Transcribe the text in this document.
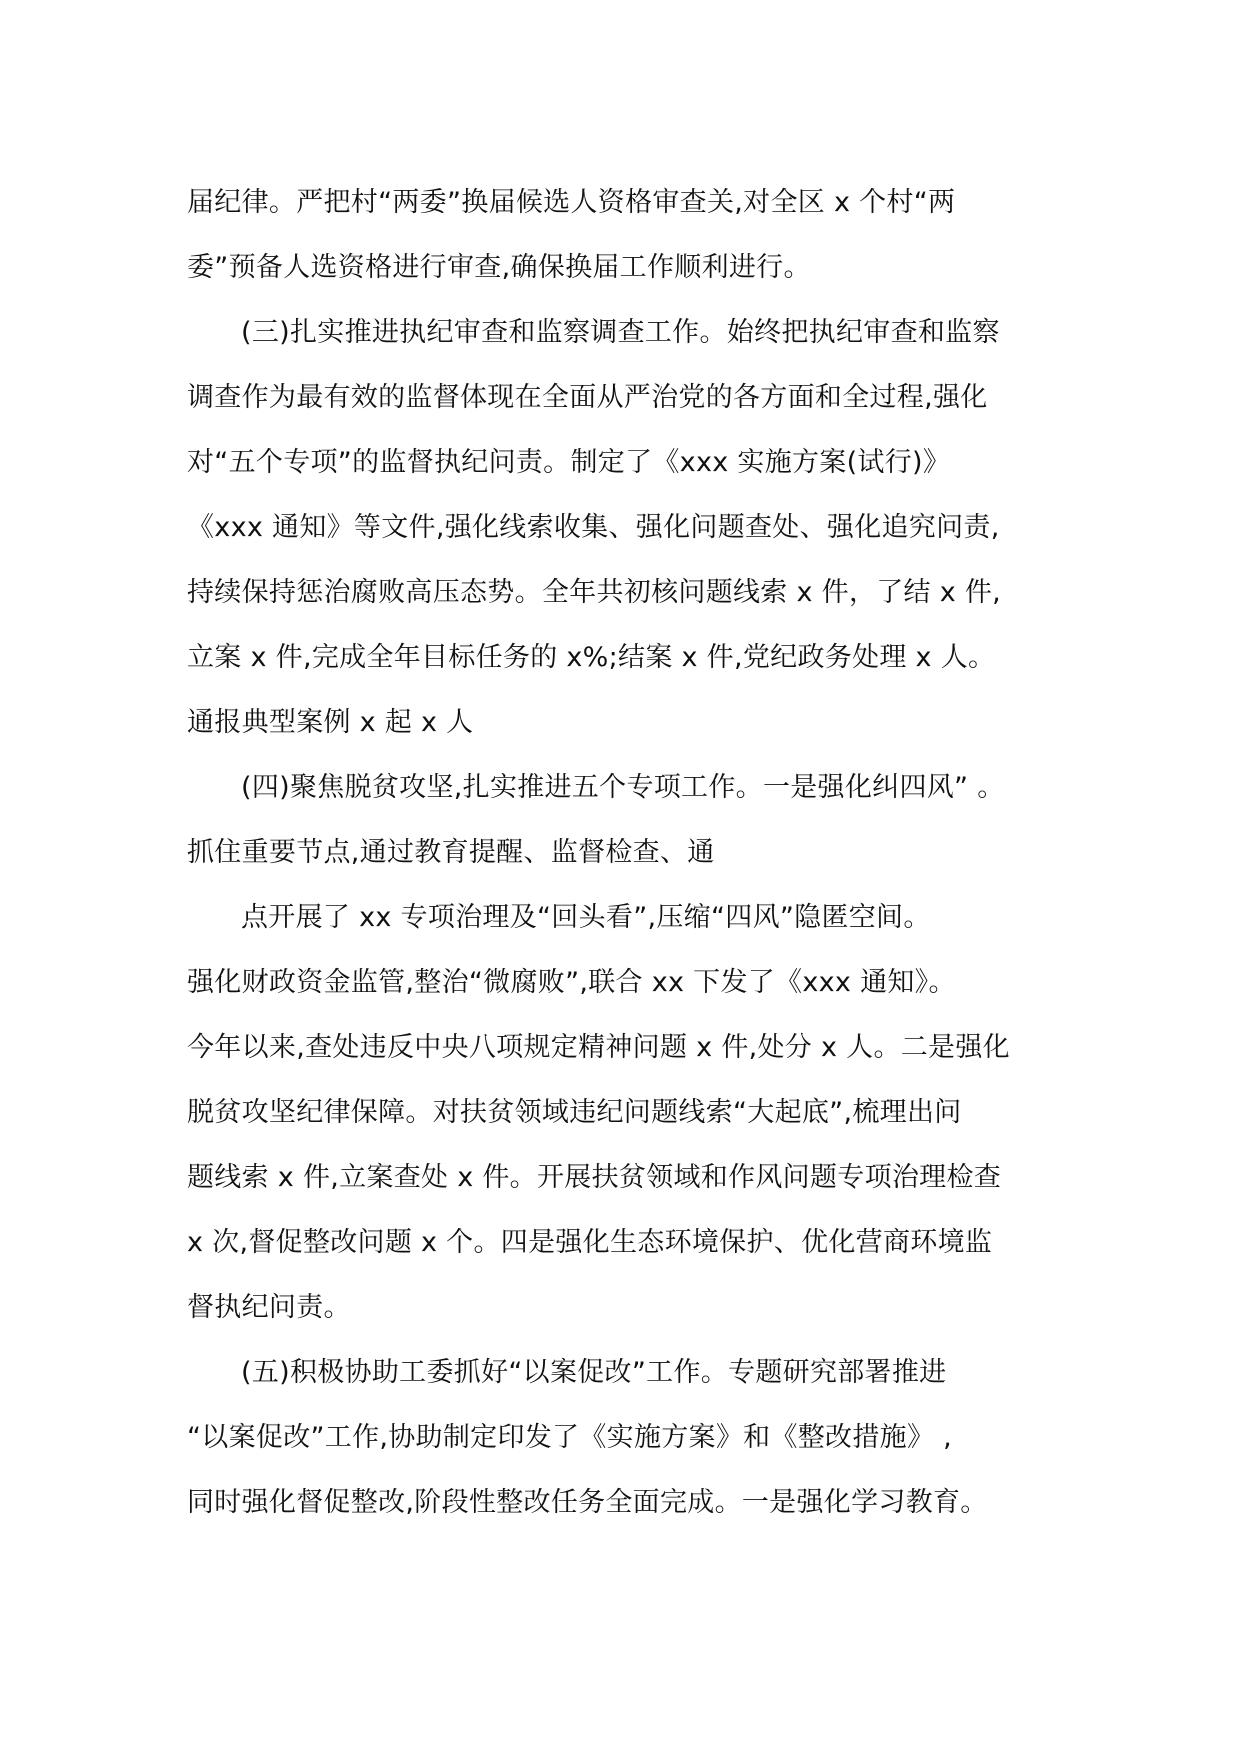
届纪律。严把村“两委”换届候选人资格审查关,对全区 x 个村“两
委”预备人选资格进行审查,确保换届工作顺利进行。
(三)扎实推进执纪审查和监察调查工作。始终把执纪审查和监察
调查作为最有效的监督体现在全面从严治党的各方面和全过程,强化
对“五个专项”的监督执纪问责。制定了《xxx 实施方案(试行)》
《xxx 通知》等文件,强化线索收集、强化问题查处、强化追究问责,
持续保持惩治腐败高压态势。全年共初核问题线索 x 件，了结 x 件,
立案 x 件,完成全年目标任务的 x%;结案 x 件,党纪政务处理 x 人。
通报典型案例 x 起 x 人
(四)聚焦脱贫攻坚,扎实推进五个专项工作。一是强化纠四风” 。
抓住重要节点,通过教育提醒、监督检查、通
点开展了 xx 专项治理及“回头看”,压缩“四风”隐匿空间。
强化财政资金监管,整治“微腐败”,联合 xx 下发了《xxx 通知》。
今年以来,查处违反中央八项规定精神问题 x 件,处分 x 人。二是强化
脱贫攻坚纪律保障。对扶贫领域违纪问题线索“大起底”,梳理出问
题线索 x 件,立案查处 x 件。开展扶贫领域和作风问题专项治理检查
x 次,督促整改问题 x 个。四是强化生态环境保护、优化营商环境监
督执纪问责。
(五)积极协助工委抓好“以案促改”工作。专题研究部署推进
“以案促改”工作,协助制定印发了《实施方案》和《整改措施》 ,
同时强化督促整改,阶段性整改任务全面完成。一是强化学习教育。
